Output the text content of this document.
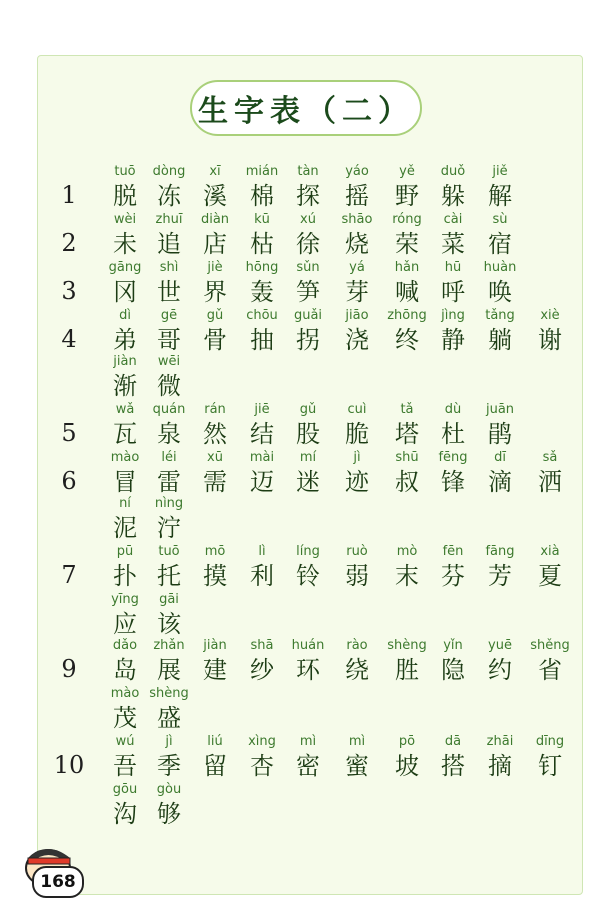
生字表（二）
1
tuō
脱
dòng
冻
xī
溪
mián
棉
tàn
探
yáo
摇
yě
野
duǒ
躲
jiě
解
2
wèi
未
zhuī
追
diàn
店
kū
枯
xú
徐
shāo
烧
róng
荣
cài
菜
sù
宿
3
gāng
冈
shì
世
jiè
界
hōng
轰
sǔn
笋
yá
芽
hǎn
喊
hū
呼
huàn
唤
4
dì
弟
gē
哥
gǔ
骨
chōu
抽
guǎi
拐
jiāo
浇
zhōng
终
jìng
静
tǎng
躺
xiè
谢
jiàn
渐
wēi
微
5
wǎ
瓦
quán
泉
rán
然
jiē
结
gǔ
股
cuì
脆
tǎ
塔
dù
杜
juān
鹃
6
mào
冒
léi
雷
xū
需
mài
迈
mí
迷
jì
迹
shū
叔
fēng
锋
dī
滴
sǎ
洒
ní
泥
nìng
泞
7
pū
扑
tuō
托
mō
摸
lì
利
líng
铃
ruò
弱
mò
末
fēn
芬
fāng
芳
xià
夏
yīng
应
gāi
该
9
dǎo
岛
zhǎn
展
jiàn
建
shā
纱
huán
环
rào
绕
shèng
胜
yǐn
隐
yuē
约
shěng
省
mào
茂
shèng
盛
10
wú
吾
jì
季
liú
留
xìng
杏
mì
密
mì
蜜
pō
坡
dā
搭
zhāi
摘
dīng
钉
gōu
沟
gòu
够
168
